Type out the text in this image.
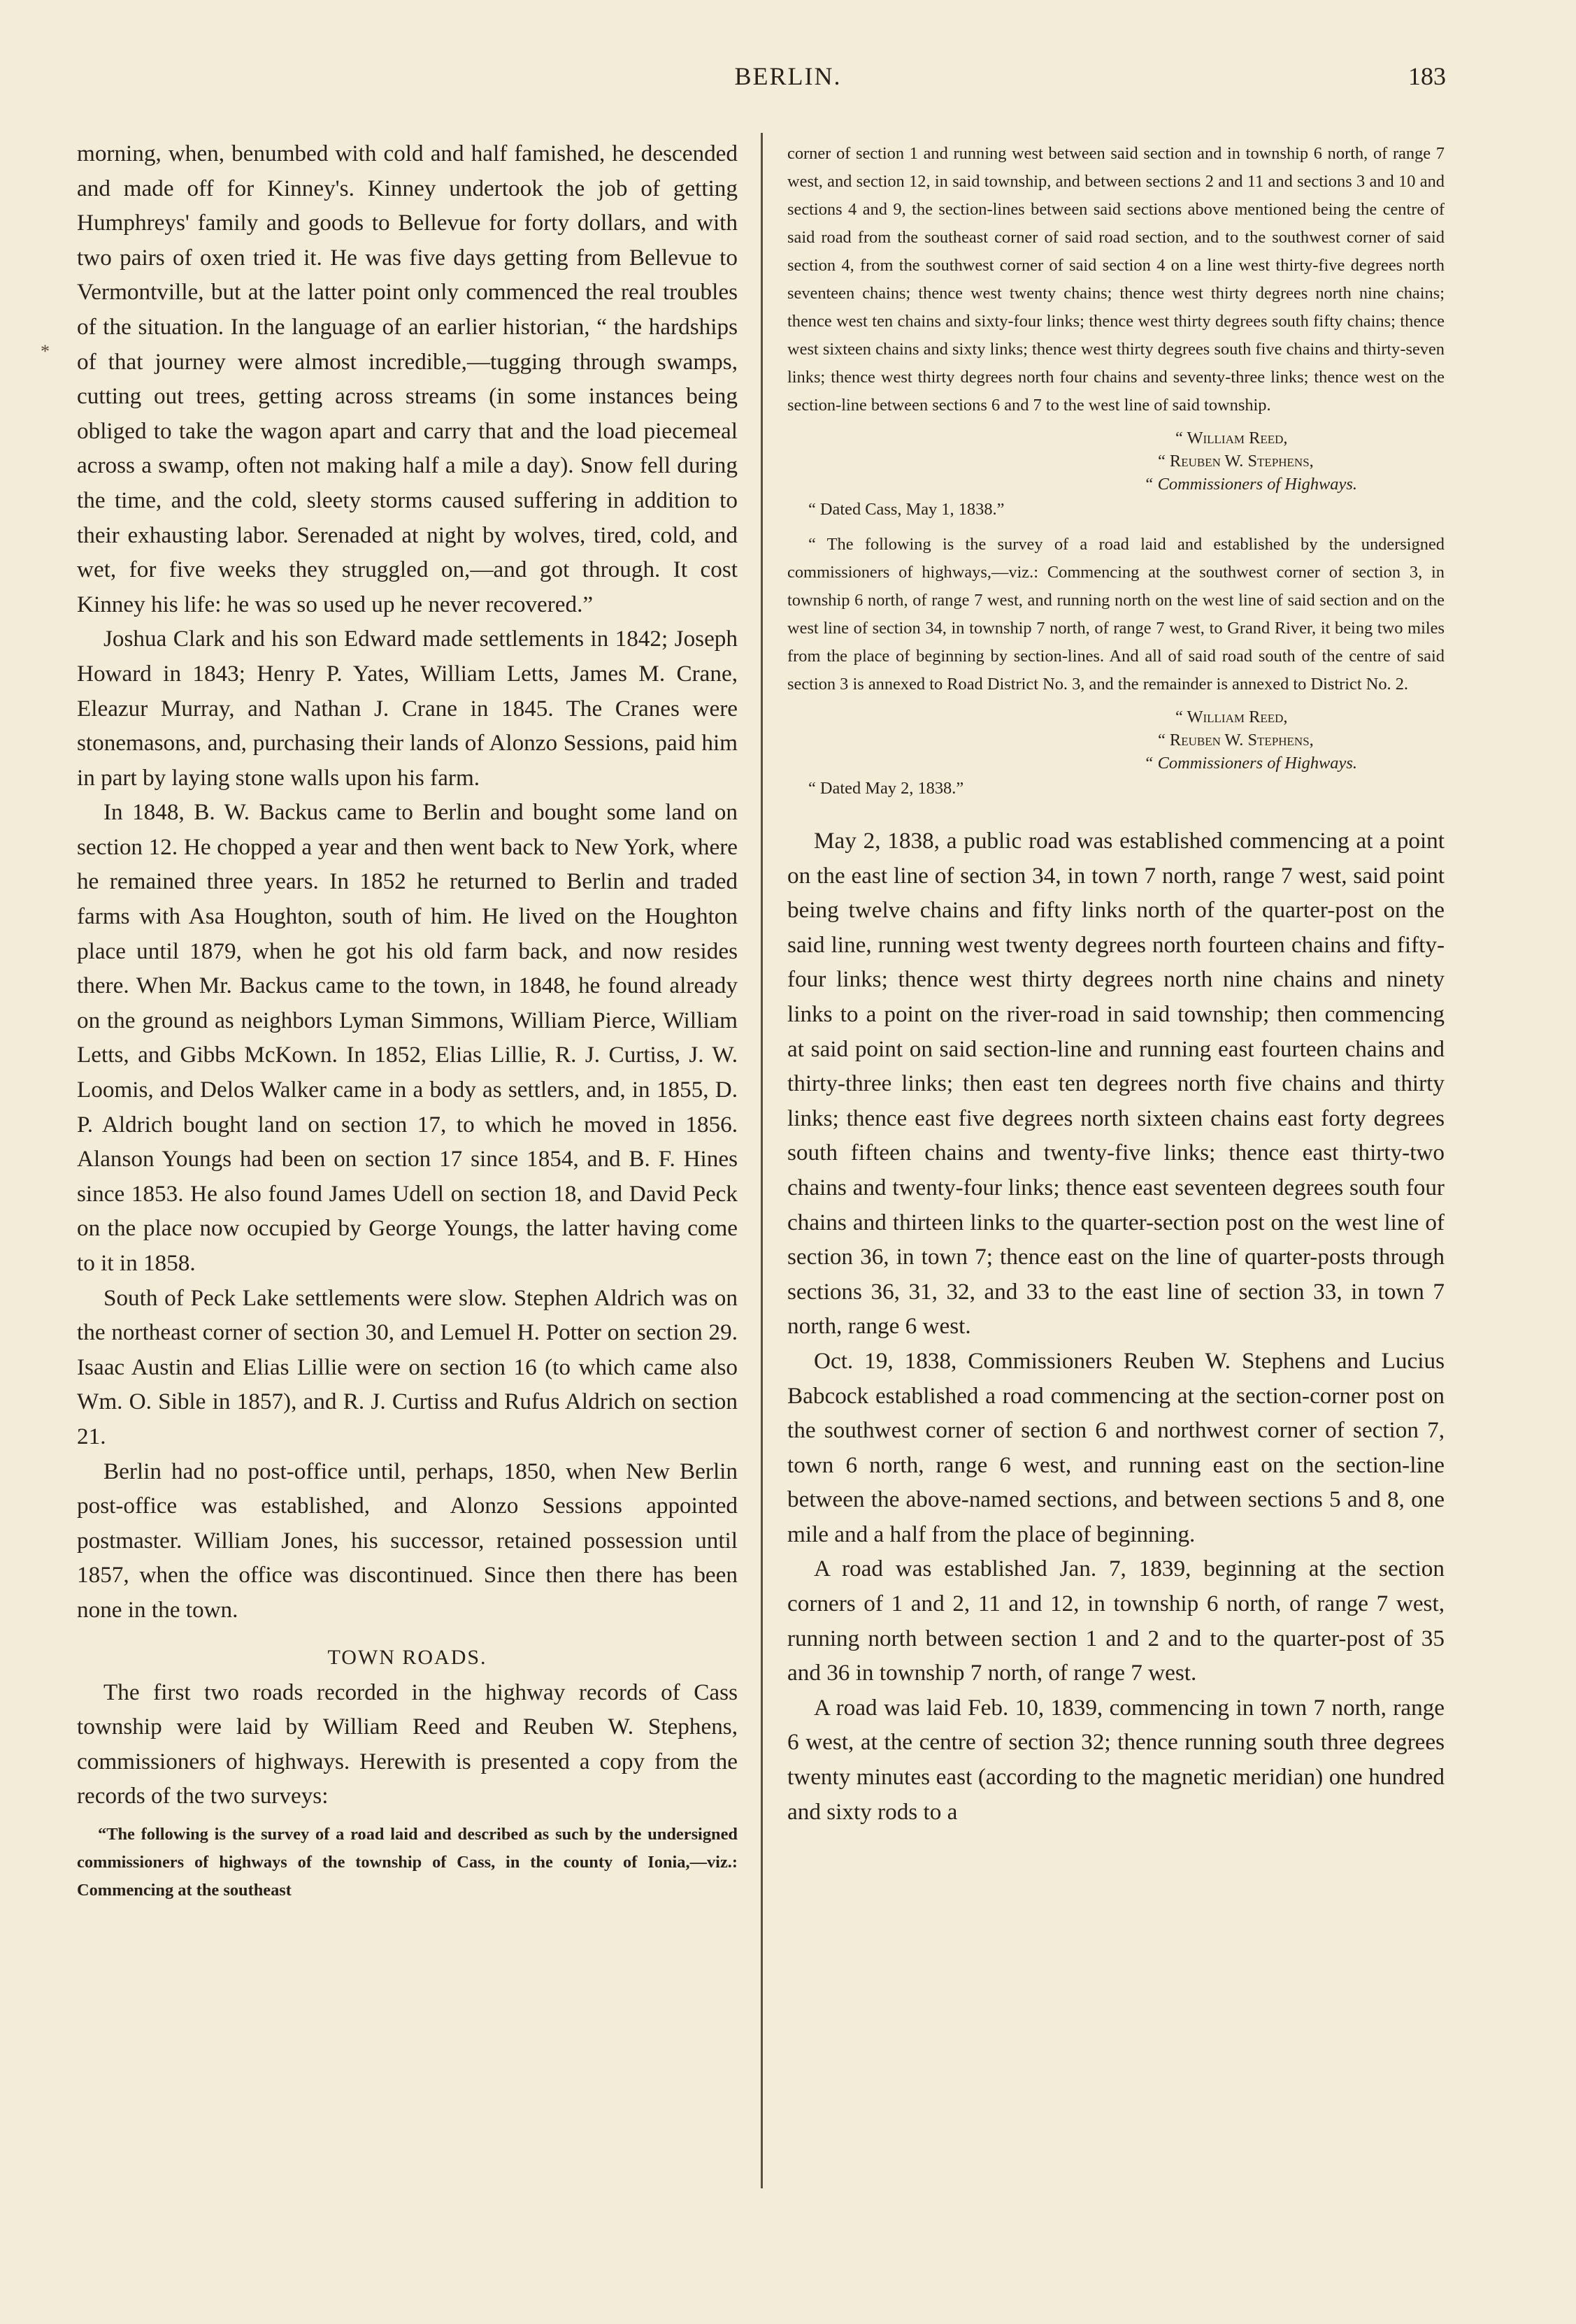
BERLIN.	183
*

morning, when, benumbed with cold and half famished, he descended and made off for Kinney's. Kinney undertook the job of getting Humphreys' family and goods to Bellevue for forty dollars, and with two pairs of oxen tried it. He was five days getting from Bellevue to Vermontville, but at the latter point only commenced the real troubles of the situation. In the language of an earlier historian, “ the hardships of that journey were almost incredible,—tugging through swamps, cutting out trees, getting across streams (in some instances being obliged to take the wagon apart and carry that and the load piecemeal across a swamp, often not making half a mile a day). Snow fell during the time, and the cold, sleety storms caused suffering in addition to their exhausting labor. Serenaded at night by wolves, tired, cold, and wet, for five weeks they struggled on,—and got through. It cost Kinney his life: he was so used up he never recovered.”

Joshua Clark and his son Edward made settlements in 1842; Joseph Howard in 1843; Henry P. Yates, William Letts, James M. Crane, Eleazur Murray, and Nathan J. Crane in 1845. The Cranes were stonemasons, and, purchasing their lands of Alonzo Sessions, paid him in part by laying stone walls upon his farm.

In 1848, B. W. Backus came to Berlin and bought some land on section 12. He chopped a year and then went back to New York, where he remained three years. In 1852 he returned to Berlin and traded farms with Asa Houghton, south of him. He lived on the Houghton place until 1879, when he got his old farm back, and now resides there. When Mr. Backus came to the town, in 1848, he found already on the ground as neighbors Lyman Simmons, William Pierce, William Letts, and Gibbs McKown. In 1852, Elias Lillie, R. J. Curtiss, J. W. Loomis, and Delos Walker came in a body as settlers, and, in 1855, D. P. Aldrich bought land on section 17, to which he moved in 1856. Alanson Youngs had been on section 17 since 1854, and B. F. Hines since 1853. He also found James Udell on section 18, and David Peck on the place now occupied by George Youngs, the latter having come to it in 1858.

South of Peck Lake settlements were slow. Stephen Aldrich was on the northeast corner of section 30, and Lemuel H. Potter on section 29. Isaac Austin and Elias Lillie were on section 16 (to which came also Wm. O. Sible in 1857), and R. J. Curtiss and Rufus Aldrich on section 21.

Berlin had no post-office until, perhaps, 1850, when New Berlin post-office was established, and Alonzo Sessions appointed postmaster. William Jones, his successor, retained possession until 1857, when the office was discontinued. Since then there has been none in the town.

TOWN ROADS.

The first two roads recorded in the highway records of Cass township were laid by William Reed and Reuben W. Stephens, commissioners of highways. Herewith is presented a copy from the records of the two surveys:

“The following is the survey of a road laid and described as such by the undersigned commissioners of highways of the township of Cass, in the county of Ionia,—viz.: Commencing at the southeast

corner of section 1 and running west between said section and in township 6 north, of range 7 west, and section 12, in said township, and between sections 2 and 11 and sections 3 and 10 and sections 4 and 9, the section-lines between said sections above mentioned being the centre of said road from the southeast corner of said road section, and to the southwest corner of said section 4, from the southwest corner of said section 4 on a line west thirty-five degrees north seventeen chains; thence west twenty chains; thence west thirty degrees north nine chains; thence west ten chains and sixty-four links; thence west thirty degrees south fifty chains; thence west sixteen chains and sixty links; thence west thirty degrees south five chains and thirty-seven links; thence west thirty degrees north four chains and seventy-three links; thence west on the section-line between sections 6 and 7 to the west line of said township.

“ William Reed,

“ Reuben W. Stephens,

“ Commissioners of Highways.

“ Dated Cass, May 1, 1838.”

“ The following is the survey of a road laid and established by the undersigned commissioners of highways,—viz.: Commencing at the southwest corner of section 3, in township 6 north, of range 7 west, and running north on the west line of said section and on the west line of section 34, in township 7 north, of range 7 west, to Grand River, it being two miles from the place of beginning by section-lines. And all of said road south of the centre of said section 3 is annexed to Road District No. 3, and the remainder is annexed to District No. 2.

“ William Reed,

“ Reuben W. Stephens,

“ Commissioners of Highways.

“ Dated May 2, 1838.”

May 2, 1838, a public road was established commencing at a point on the east line of section 34, in town 7 north, range 7 west, said point being twelve chains and fifty links north of the quarter-post on the said line, running west twenty degrees north fourteen chains and fifty-four links; thence west thirty degrees north nine chains and ninety links to a point on the river-road in said township; then commencing at said point on said section-line and running east fourteen chains and thirty-three links; then east ten degrees north five chains and thirty links; thence east five degrees north sixteen chains east forty degrees south fifteen chains and twenty-five links; thence east thirty-two chains and twenty-four links; thence east seventeen degrees south four chains and thirteen links to the quarter-section post on the west line of section 36, in town 7; thence east on the line of quarter-posts through sections 36, 31, 32, and 33 to the east line of section 33, in town 7 north, range 6 west.

Oct. 19, 1838, Commissioners Reuben W. Stephens and Lucius Babcock established a road commencing at the section-corner post on the southwest corner of section 6 and northwest corner of section 7, town 6 north, range 6 west, and running east on the section-line between the above-named sections, and between sections 5 and 8, one mile and a half from the place of beginning.

A road was established Jan. 7, 1839, beginning at the section corners of 1 and 2, 11 and 12, in township 6 north, of range 7 west, running north between section 1 and 2 and to the quarter-post of 35 and 36 in township 7 north, of range 7 west.

A road was laid Feb. 10, 1839, commencing in town 7 north, range 6 west, at the centre of section 32; thence running south three degrees twenty minutes east (according to the magnetic meridian) one hundred and sixty rods to a
